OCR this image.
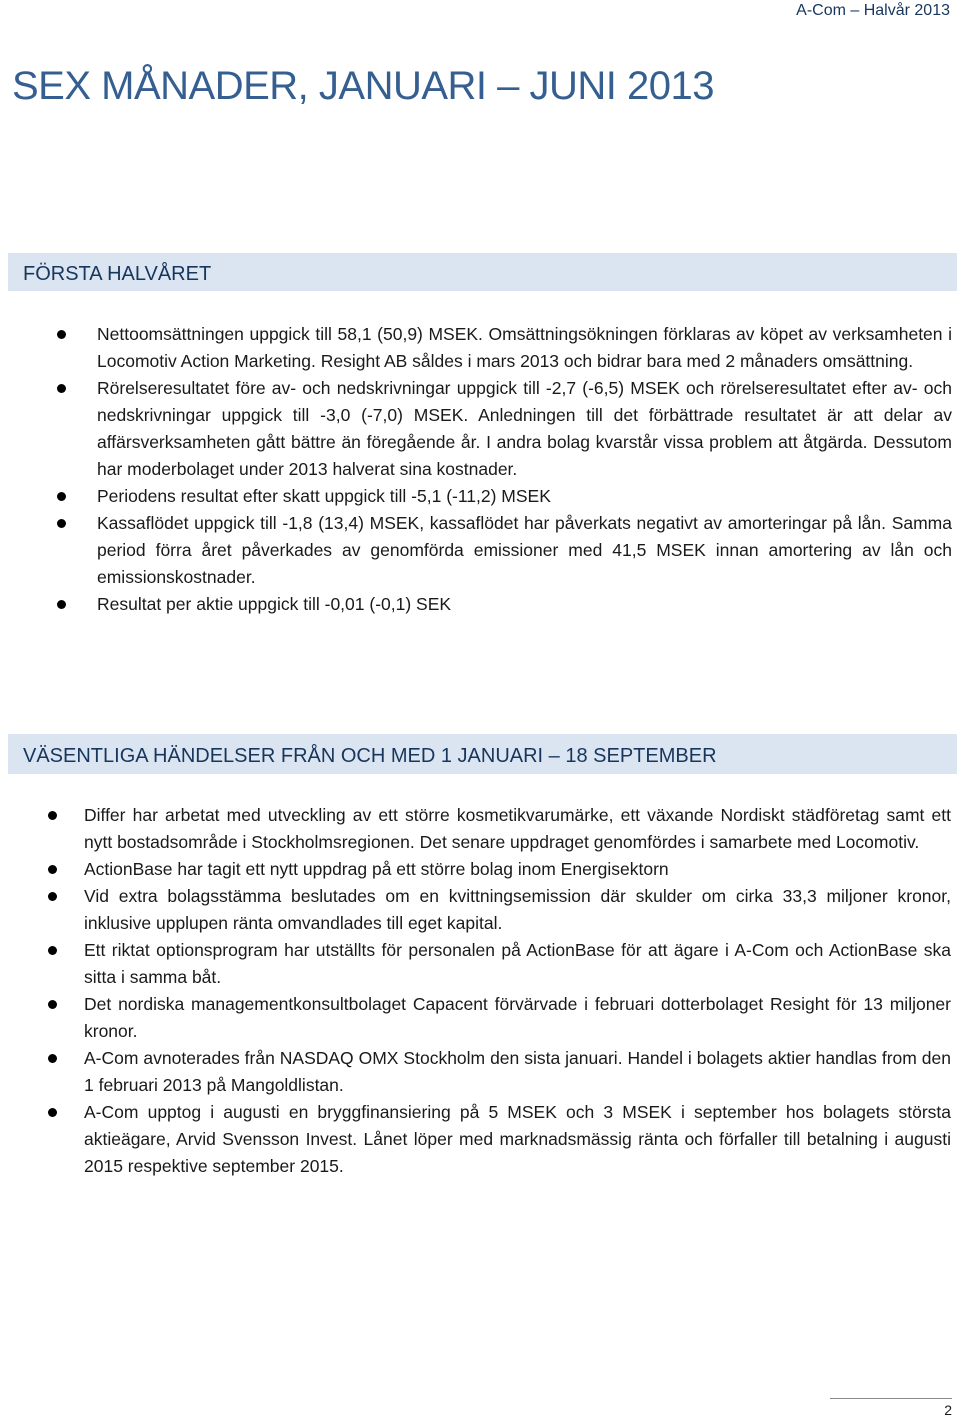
A-Com – Halvår 2013
SEX MÅNADER, JANUARI – JUNI 2013
FÖRSTA HALVÅRET
Nettoomsättningen uppgick till 58,1 (50,9) MSEK. Omsättningsökningen förklaras av köpet av verksamheten i Locomotiv Action Marketing. Resight AB såldes i mars 2013 och bidrar bara med 2 månaders omsättning.
Rörelseresultatet före av- och nedskrivningar uppgick till -2,7 (-6,5) MSEK och rörelseresultatet efter av- och nedskrivningar uppgick till -3,0 (-7,0) MSEK. Anledningen till det förbättrade resultatet är att delar av affärsverksamheten gått bättre än föregående år. I andra bolag kvarstår vissa problem att åtgärda. Dessutom har moderbolaget under 2013 halverat sina kostnader.
Periodens resultat efter skatt uppgick till -5,1 (-11,2) MSEK
Kassaflödet uppgick till -1,8 (13,4) MSEK, kassaflödet har påverkats negativt av amorteringar på lån. Samma period förra året påverkades av genomförda emissioner med 41,5 MSEK innan amortering av lån och emissionskostnader.
Resultat per aktie uppgick till -0,01 (-0,1) SEK
VÄSENTLIGA HÄNDELSER FRÅN OCH MED 1 JANUARI – 18 SEPTEMBER
Differ har arbetat med utveckling av ett större kosmetikvarumärke, ett växande Nordiskt städföretag samt ett nytt bostadsområde i Stockholmsregionen. Det senare uppdraget genomfördes i samarbete med Locomotiv.
ActionBase har tagit ett nytt uppdrag på ett större bolag inom Energisektorn
Vid extra bolagsstämma beslutades om en kvittningsemission där skulder om cirka 33,3 miljoner kronor, inklusive upplupen ränta omvandlades till eget kapital.
Ett riktat optionsprogram har utställts för personalen på ActionBase för att ägare i A-Com och ActionBase ska sitta i samma båt.
Det nordiska managementkonsultbolaget Capacent förvärvade i februari dotterbolaget Resight för 13 miljoner kronor.
A-Com avnoterades från NASDAQ OMX Stockholm den sista januari. Handel i bolagets aktier handlas from den 1 februari 2013 på Mangoldlistan.
A-Com upptog i augusti en bryggfinansiering på 5 MSEK och 3 MSEK i september hos bolagets största aktieägare, Arvid Svensson Invest. Lånet löper med marknadsmässig ränta och förfaller till betalning i augusti 2015 respektive september 2015.
2
